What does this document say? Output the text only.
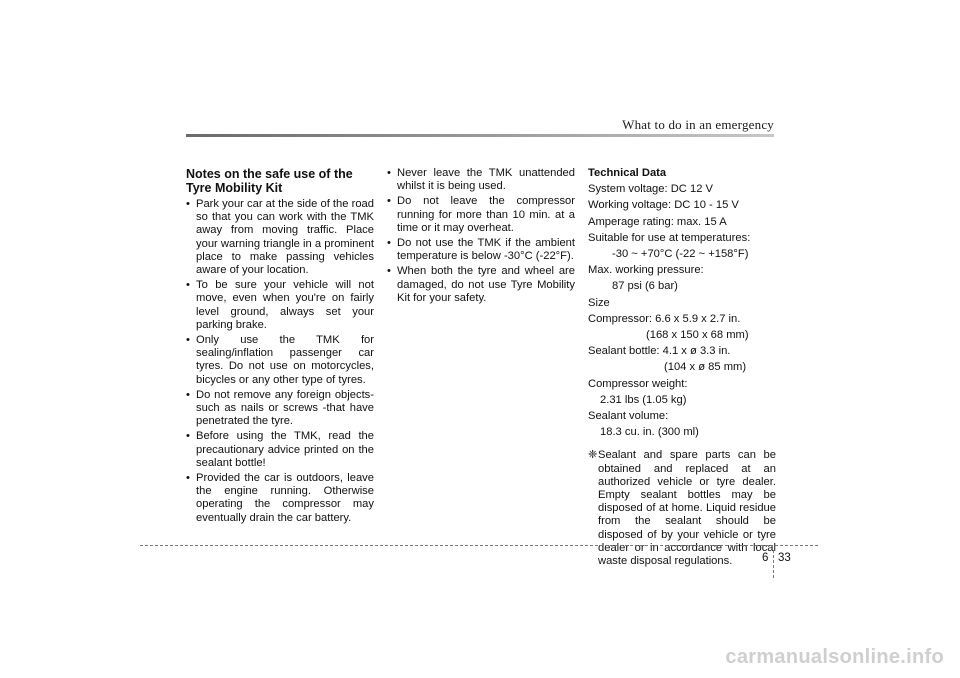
What to do in an emergency
Notes on the safe use of the
Tyre Mobility Kit
• Park your car at the side of the road so that you can work with the TMK away from moving traffic. Place your warning triangle in a prominent place to make passing vehicles aware of your location.
• To be sure your vehicle will not move, even when you're on fairly level ground, always set your parking brake.
• Only use the TMK for sealing/inflation passenger car tyres. Do not use on motorcycles, bicycles or any other type of tyres.
• Do not remove any foreign objects- such as nails or screws -that have penetrated the tyre.
• Before using the TMK, read the precautionary advice printed on the sealant bottle!
• Provided the car is outdoors, leave the engine running. Otherwise operating the compressor may eventually drain the car battery.
• Never leave the TMK unattended whilst it is being used.
• Do not leave the compressor running for more than 10 min. at a time or it may overheat.
• Do not use the TMK if the ambient temperature is below -30°C (-22°F).
• When both the tyre and wheel are damaged, do not use Tyre Mobility Kit for your safety.
Technical Data
System voltage: DC 12 V
Working voltage: DC 10 - 15 V
Amperage rating: max. 15 A
Suitable for use at temperatures:
-30 ~ +70°C (-22 ~ +158°F)
Max. working pressure:
87 psi (6 bar)
Size
Compressor: 6.6 x 5.9 x 2.7 in.
(168 x 150 x 68 mm)
Sealant bottle: 4.1 x ø 3.3 in.
(104 x ø 85 mm)
Compressor weight:
2.31 lbs (1.05 kg)
Sealant volume:
18.3 cu. in. (300 ml)
❈ Sealant and spare parts can be obtained and replaced at an authorized vehicle or tyre dealer. Empty sealant bottles may be disposed of at home. Liquid residue from the sealant should be disposed of by your vehicle or tyre dealer or in accordance with local waste disposal regulations.	6 33
carmanualsonline.info
